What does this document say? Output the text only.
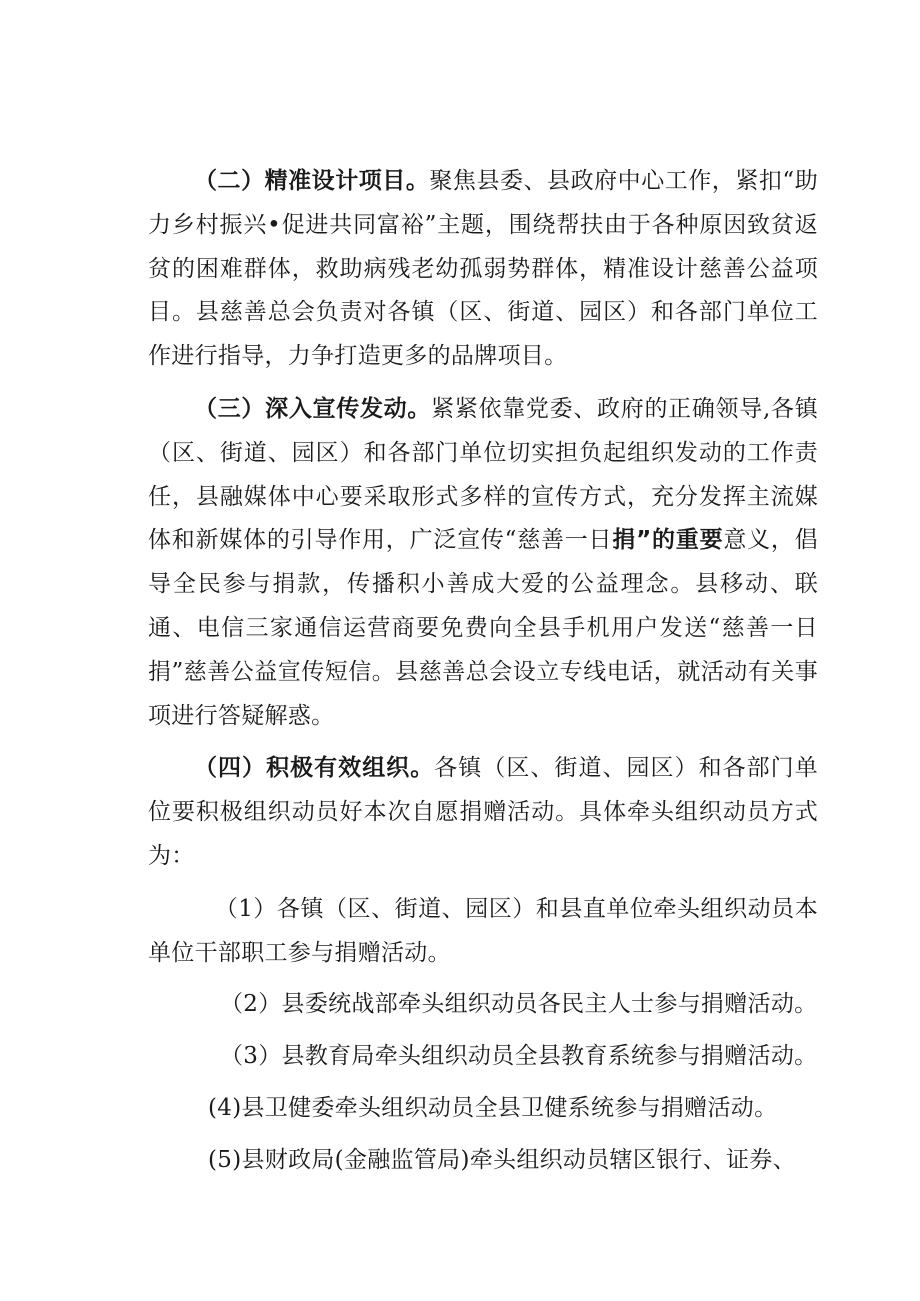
（二）精准设计项目。聚焦县委、县政府中心工作，紧扣“助力乡村振兴•促进共同富裕”主题，围绕帮扶由于各种原因致贫返贫的困难群体，救助病残老幼孤弱势群体，精准设计慈善公益项目。县慈善总会负责对各镇（区、街道、园区）和各部门单位工作进行指导，力争打造更多的品牌项目。

（三）深入宣传发动。紧紧依靠党委、政府的正确领导,各镇（区、街道、园区）和各部门单位切实担负起组织发动的工作责任，县融媒体中心要采取形式多样的宣传方式，充分发挥主流媒体和新媒体的引导作用，广泛宣传“慈善一日捐”的重要意义，倡导全民参与捐款，传播积小善成大爱的公益理念。县移动、联通、电信三家通信运营商要免费向全县手机用户发送“慈善一日捐”慈善公益宣传短信。县慈善总会设立专线电话，就活动有关事项进行答疑解惑。

（四）积极有效组织。各镇（区、街道、园区）和各部门单位要积极组织动员好本次自愿捐赠活动。具体牵头组织动员方式为：

（1）各镇（区、街道、园区）和县直单位牵头组织动员本单位干部职工参与捐赠活动。

（2）县委统战部牵头组织动员各民主人士参与捐赠活动。

（3）县教育局牵头组织动员全县教育系统参与捐赠活动。

(4)县卫健委牵头组织动员全县卫健系统参与捐赠活动。

(5)县财政局(金融监管局)牵头组织动员辖区银行、证券、
